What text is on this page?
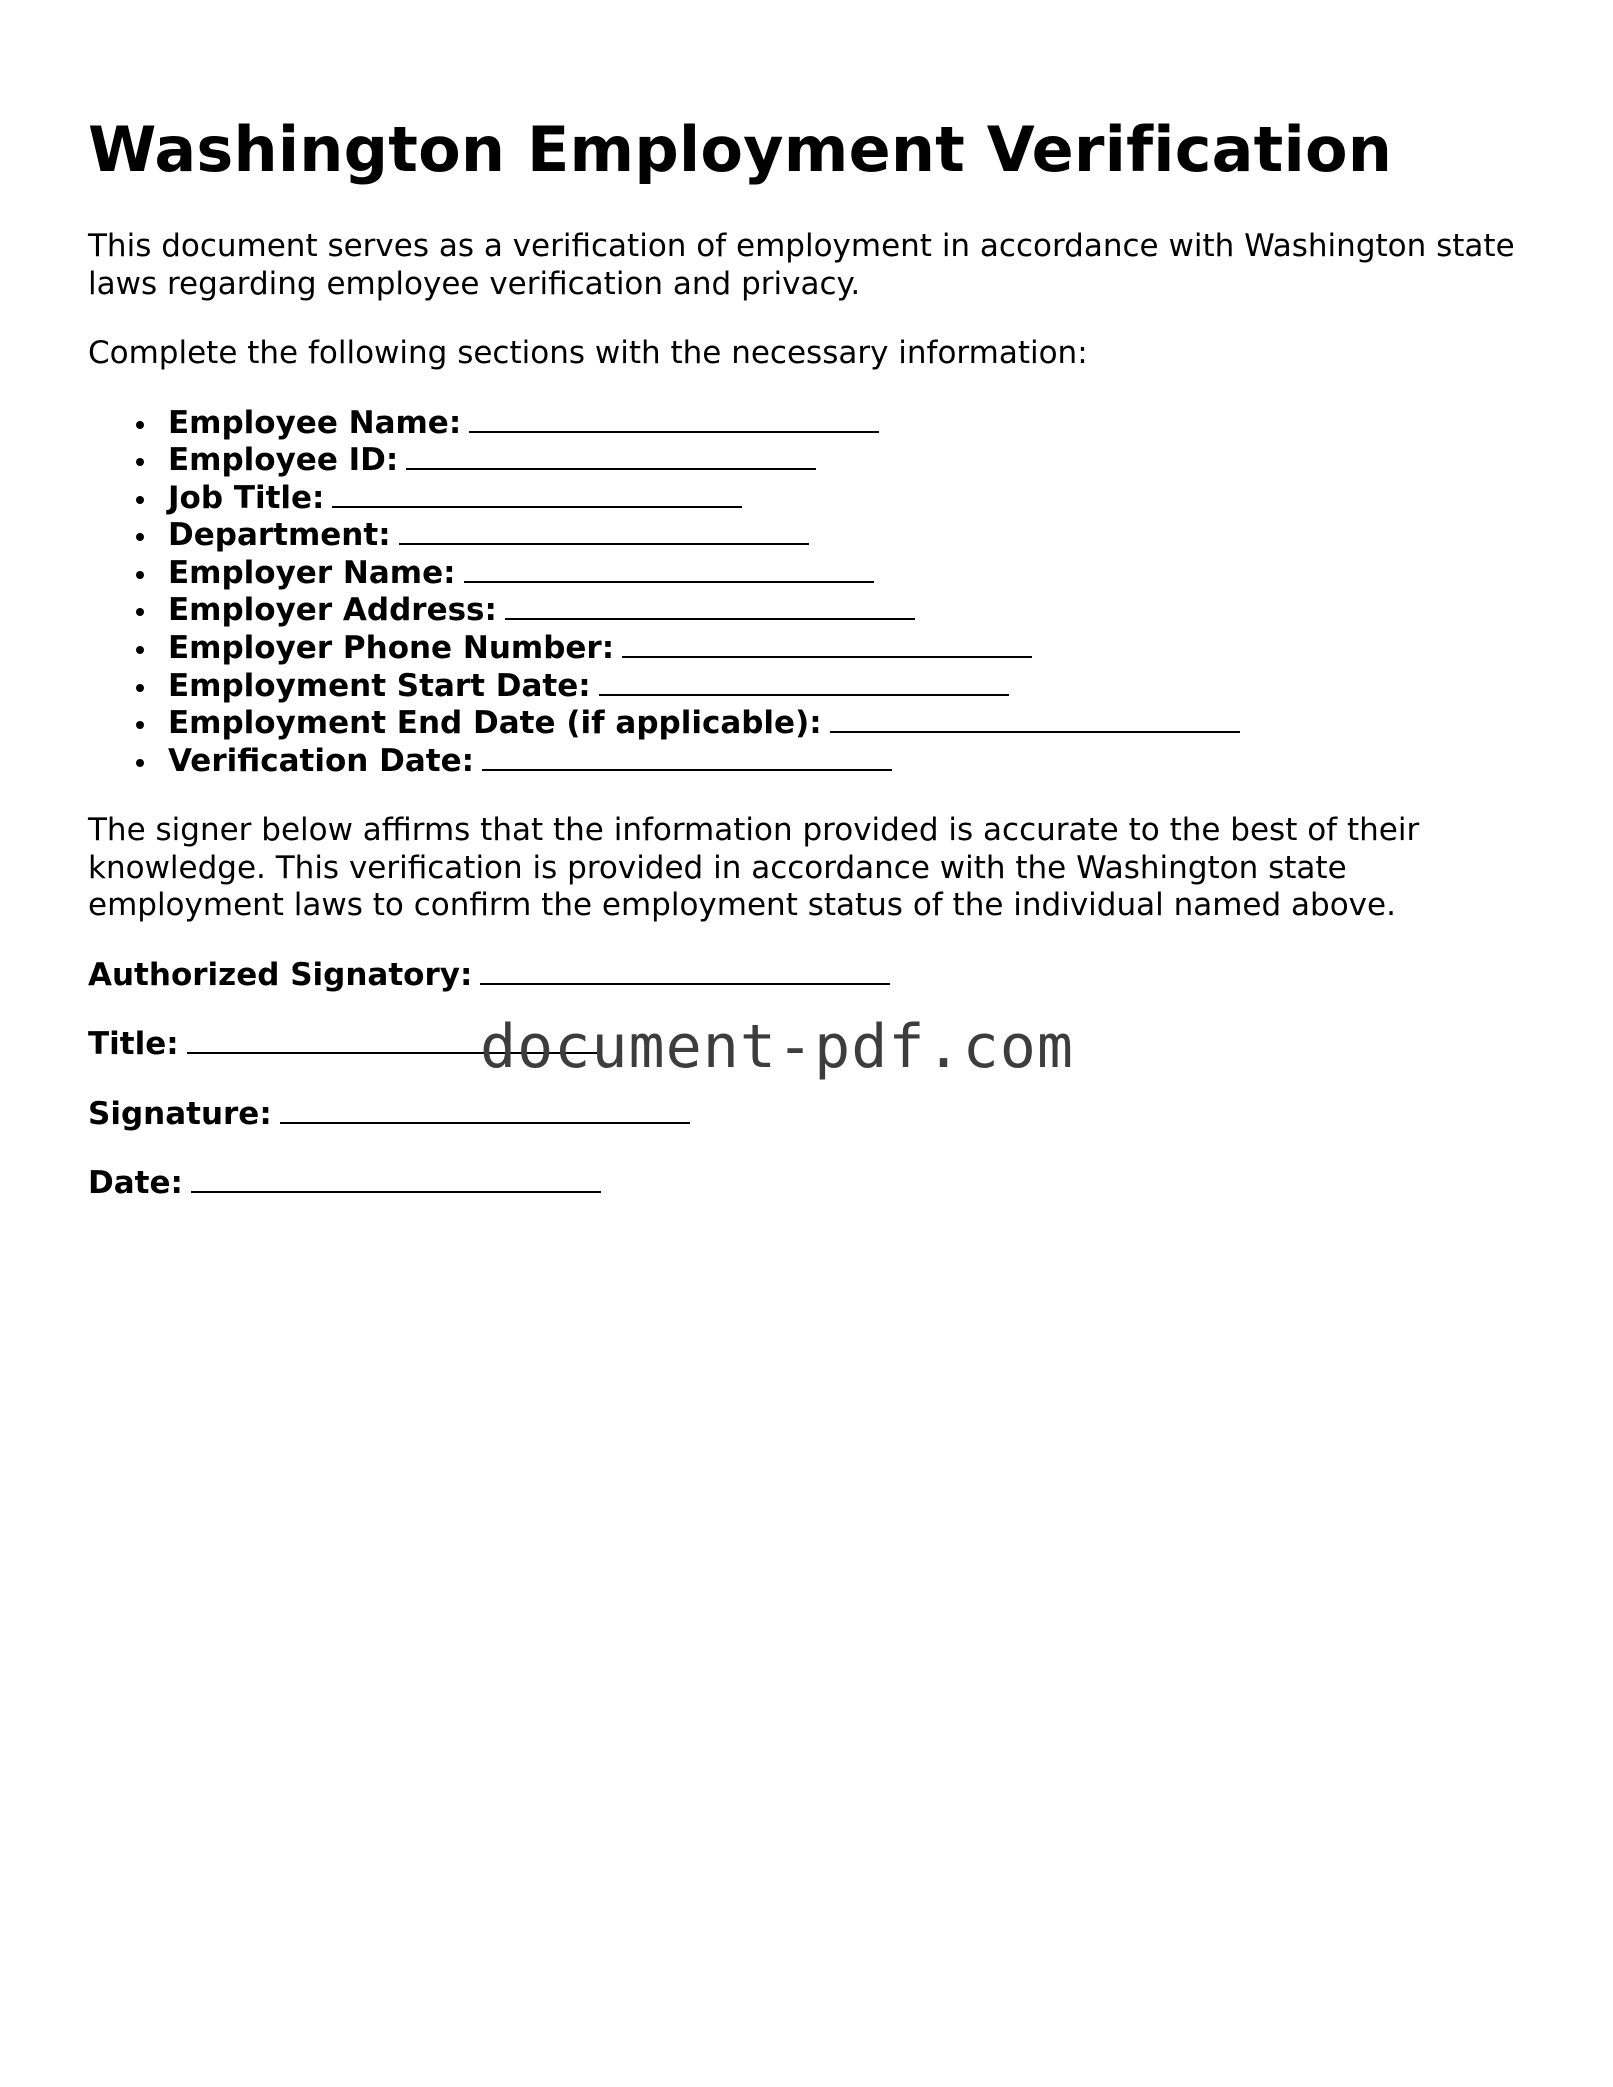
Washington Employment Verification

This document serves as a verification of employment in accordance with Washington state laws regarding employee verification and privacy.

Complete the following sections with the necessary information:

Employee Name:
Employee ID:
Job Title:
Department:
Employer Name:
Employer Address:
Employer Phone Number:
Employment Start Date:
Employment End Date (if applicable):
Verification Date:

The signer below affirms that the information provided is accurate to the best of their knowledge. This verification is provided in accordance with the Washington state employment laws to confirm the employment status of the individual named above.

Authorized Signatory:
Title:
Signature:
Date:
document-pdf.com
